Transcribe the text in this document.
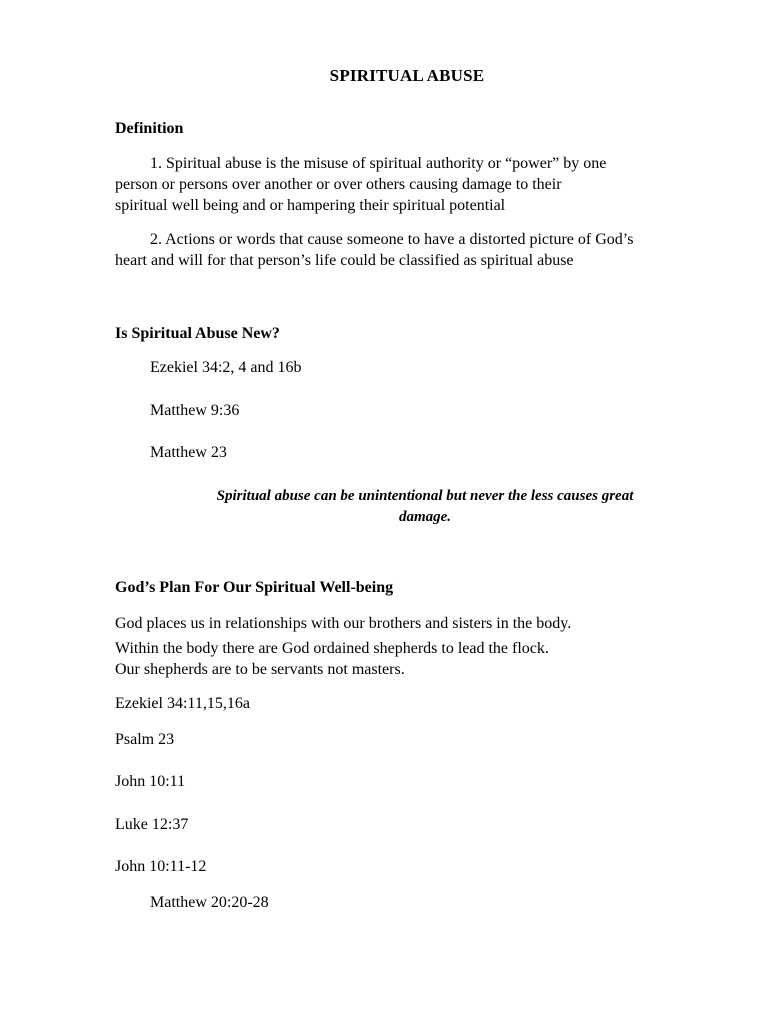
SPIRITUAL ABUSE
Definition
1. Spiritual abuse is the misuse of spiritual authority or “power” by one
person or persons over another or over others causing damage to their
spiritual well being and or hampering their spiritual potential
2. Actions or words that cause someone to have a distorted picture of God’s
heart and will for that person’s life could be classified as spiritual abuse
Is Spiritual Abuse New?
Ezekiel 34:2, 4 and 16b
Matthew 9:36
Matthew 23
Spiritual abuse can be unintentional but never the less causes great
damage.
God’s Plan For Our Spiritual Well-being
God places us in relationships with our brothers and sisters in the body.
Within the body there are God ordained shepherds to lead the flock.
Our shepherds are to be servants not masters.
Ezekiel 34:11,15,16a
Psalm 23
John 10:11
Luke 12:37
John 10:11-12
Matthew 20:20-28
